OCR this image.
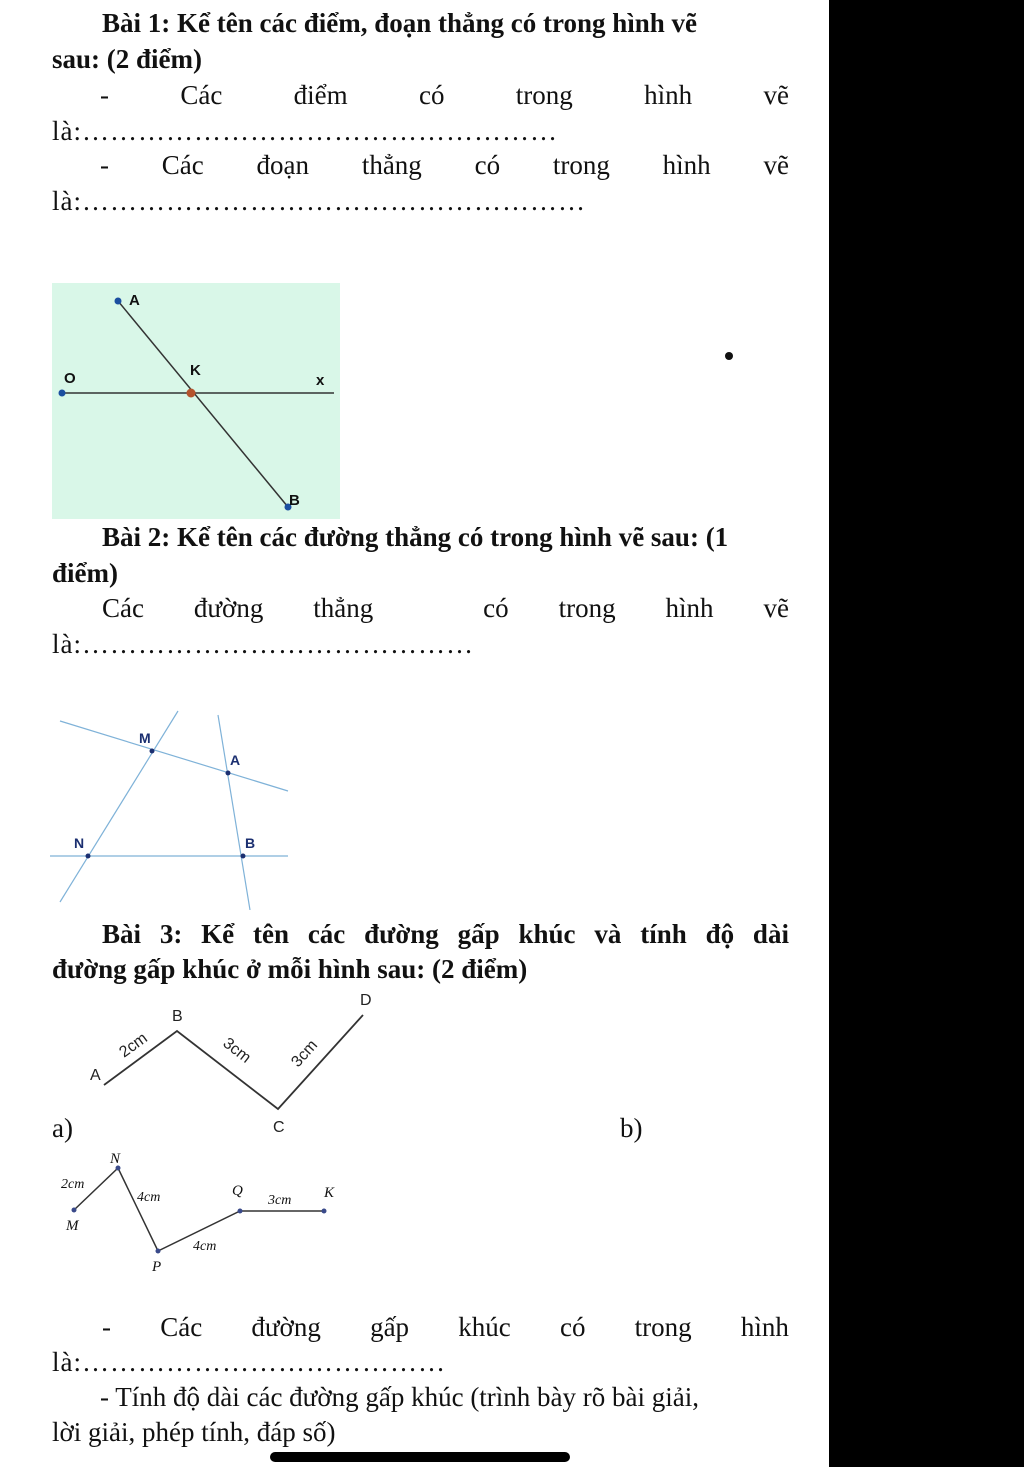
Bài 1: Kể tên các điểm, đoạn thẳng có trong hình vẽ
sau: (2 điểm)
-	Các	điểm	có	trong	hình	vẽ
là:……………………………………………
- Các đoạn thẳng có trong hình vẽ
là:………………………………………………
A
O	K
x
B
Bài 2: Kể tên các đường thẳng có trong hình vẽ sau: (1
điểm)
Các đường thẳng	có trong hình vẽ
là:……………………………………
M
A
N	B
Bài 3: Kể tên các đường gấp khúc và tính độ dài
đường gấp khúc ở mỗi hình sau: (2 điểm)
A
B
C
D
2cm	3cm 3cm
a)	b)
M
N
P
Q	K
2cm
4cm
4cm
3cm
- Các đường gấp khúc có trong hình
là:…………………………………
- Tính độ dài các đường gấp khúc (trình bày rõ bài giải,
lời giải, phép tính, đáp số)
